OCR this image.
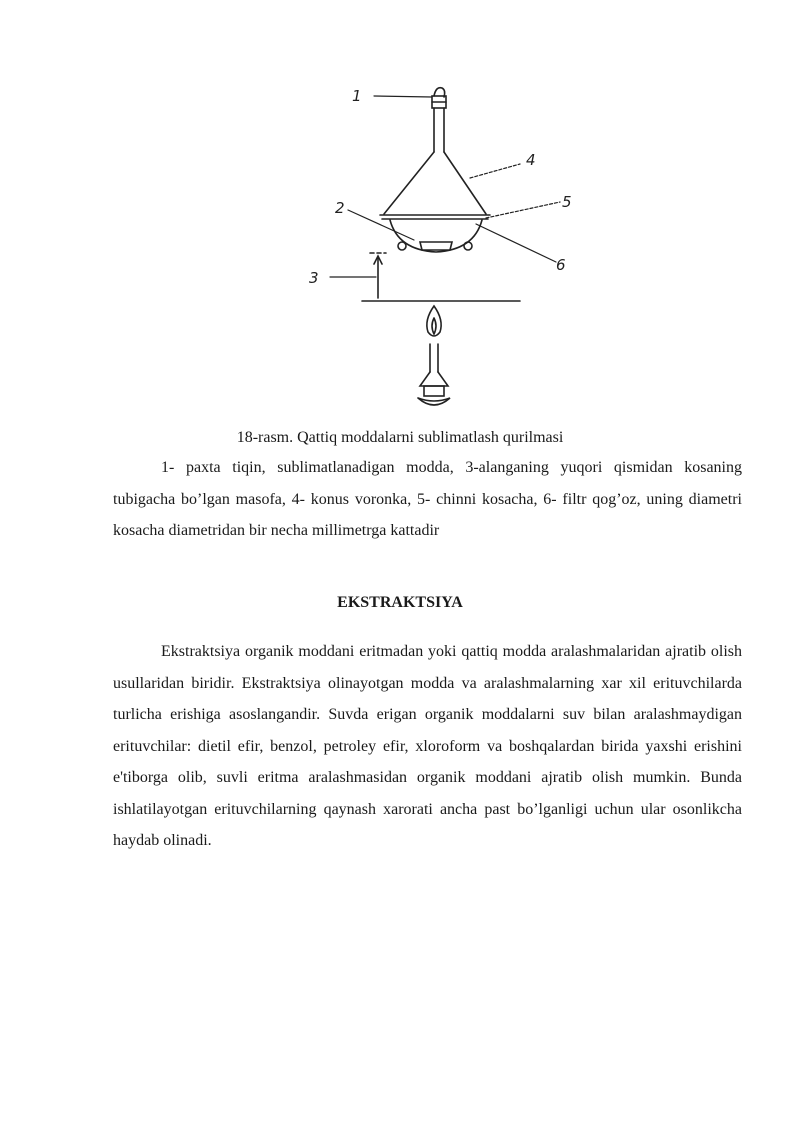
1
2
3
4
5
6
18-rasm. Qattiq moddalarni sublimatlash qurilmasi

1- paxta tiqin, sublimatlanadigan modda, 3-alanganing yuqori qismidan kosaning tubigacha bo’lgan masofa, 4- konus voronka, 5- chinni kosacha, 6- filtr qog’oz, uning diametri kosacha diametridan bir necha millimetrga kattadir

EKSTRAKTSIYA

Ekstraktsiya organik moddani eritmadan yoki qattiq modda aralashmalaridan ajratib olish usullaridan biridir. Ekstraktsiya olinayotgan modda va aralashmalarning xar xil erituvchilarda turlicha erishiga asoslangandir. Suvda erigan organik moddalarni suv bilan aralashmaydigan erituvchilar: dietil efir, benzol, petroley efir, xloroform va boshqalardan birida yaxshi erishini e'tiborga olib, suvli eritma aralashmasidan organik moddani ajratib olish mumkin. Bunda ishlatilayotgan erituvchilarning qaynash xarorati ancha past bo’lganligi uchun ular osonlikcha haydab olinadi.
